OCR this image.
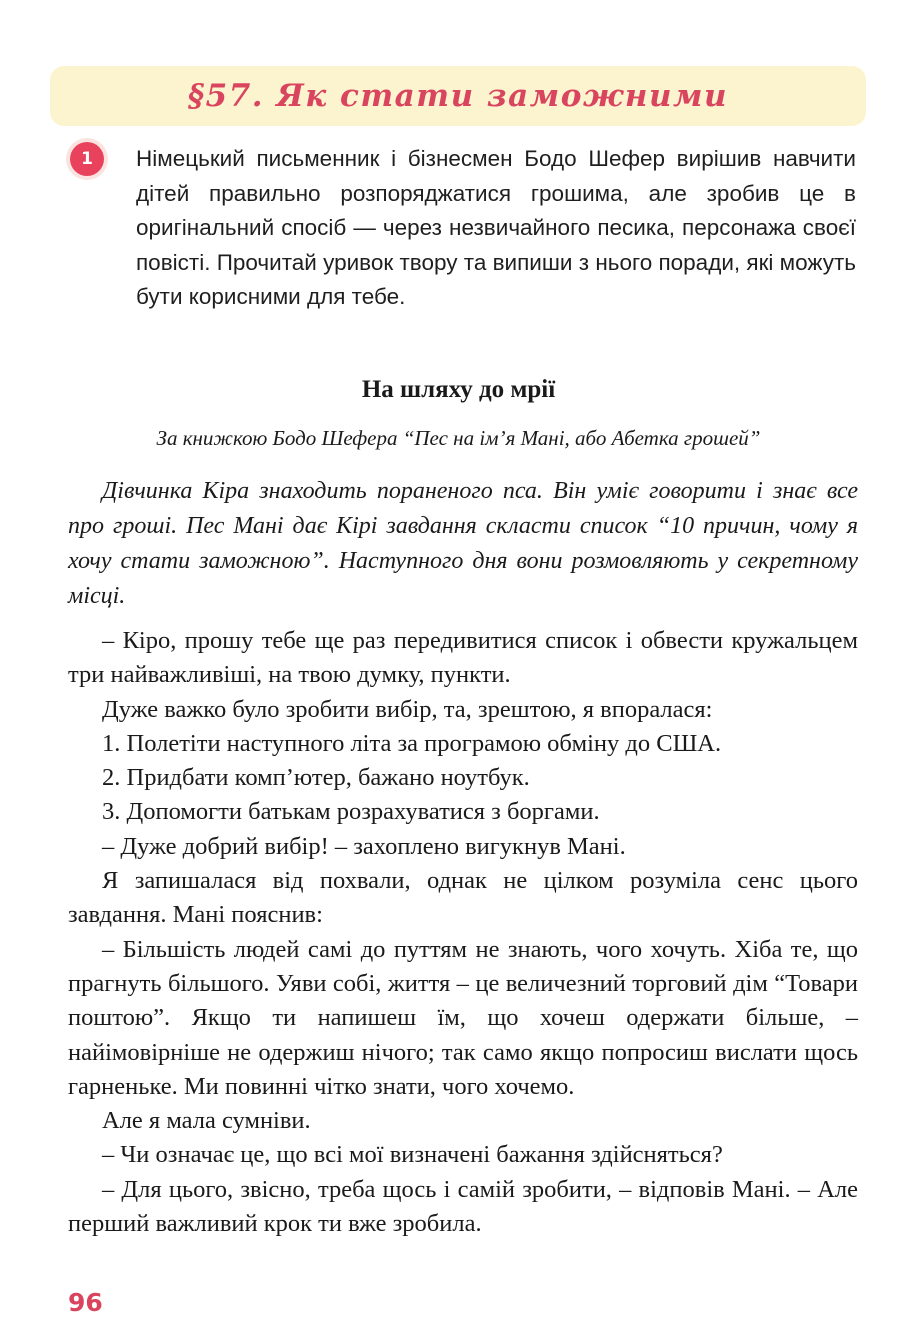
§57. Як стати заможними
1	Німецький письменник і бізнесмен Бодо Шефер вирішив навчити дітей правильно розпоряджатися грошима, але зробив це в оригінальний спосіб — через незвичайного песика, персонажа своєї повісті. Прочитай уривок твору та випиши з нього поради, які можуть бути корисними для тебе.
На шляху до мрії
За книжкою Бодо Шефера “Пес на ім’я Мані, або Абетка грошей”
Дівчинка Кіра знаходить пораненого пса. Він уміє говорити і знає все про гроші. Пес Мані дає Кірі завдання скласти список “10 причин, чому я хочу стати заможною”. Наступного дня вони розмовляють у секретному місці.

– Кіро, прошу тебе ще раз передивитися список і обвести кружальцем три найважливіші, на твою думку, пункти.

Дуже важко було зробити вибір, та, зрештою, я впоралася:

1. Полетіти наступного літа за програмою обміну до США.

2. Придбати комп’ютер, бажано ноутбук.

3. Допомогти батькам розрахуватися з боргами.

– Дуже добрий вибір! – захоплено вигукнув Мані.

Я запишалася від похвали, однак не цілком розуміла сенс цього завдання. Мані пояснив:

– Більшість людей самі до путтям не знають, чого хочуть. Хіба те, що прагнуть більшого. Уяви собі, життя – це величезний торговий дім “Товари поштою”. Якщо ти напишеш їм, що хочеш одержати більше, – найімовірніше не одержиш нічого; так само якщо попросиш вислати щось гарненьке. Ми повинні чітко знати, чого хочемо.

Але я мала сумніви.

– Чи означає це, що всі мої визначені бажання здійсняться?

– Для цього, звісно, треба щось і самій зробити, – відповів Мані. – Але перший важливий крок ти вже зробила.

96
